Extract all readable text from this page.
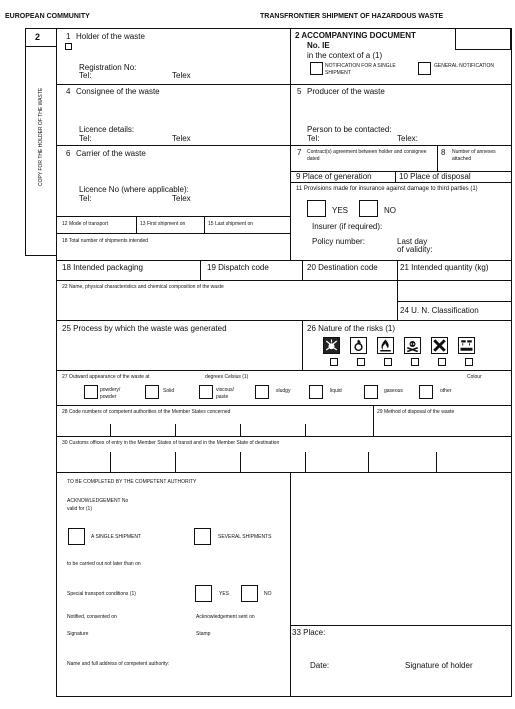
EUROPEAN COMMUNITY	TRANSFRONTIER SHIPMENT OF HAZARDOUS WASTE
2
COPY FOR THE HOLDER OF THE WASTE
1 Holder of the waste
Registration No:
Tel:	Telex
2 ACCOMPANYING DOCUMENT
No. IE
in the context of a (1)
NOTIFICATION FOR A SINGLE SHIPMENT
GENERAL NOTIFICATION
4 Consignee of the waste
Licence details:
Tel:	Telex
5 Producer of the waste
Person to be contacted:
Tel:	Telex:
6 Carrier of the waste
Licence No (where applicable):
Tel:	Telex
7 Contract(s) agreement between holder and consignee dated
8 Number of annexes attached
9 Place of generation	10 Place of disposal
11 Provisions made for insurance against damage to third parties (1)
YES	NO
Insurer (if required):
Policy number:	Last day
of validity:
12 Mode of transport	13 First shipment on	15 Last shipment on
18 Total number of shipments intended
18 Intended packaging	19 Dispatch code	20 Destination code	21 Intended quantity (kg)
22 Name, physical characteristics and chemical composition of the waste
24 U. N. Classification
25 Process by which the waste was generated	26 Nature of the risks (1)
27 Outward appearance of the waste at	degrees Celsius (1)	Colour
powdery/ powder
Solid	viscous/ paste
sludgy	liquid	gaseous	other
28 Code numbers of competent authorities of the Member States concerned	29 Method of disposal of the waste
30 Customs offices of entry in the Member States of transit and in the Member State of destination
TO BE COMPLETED BY THE COMPETENT AUTHORITY
ACKNOWLEDGEMENT No
valid for (1)
A SINGLE SHIPMENT	SEVERAL SHIPMENTS
to be carried out not later than on
Special transport conditions (1)	YES	NO
Notified, consented on
Signature
Acknowledgement sent on
Stamp
Name and full address of competent authority:
33 Place:
Date:	Signature of holder
